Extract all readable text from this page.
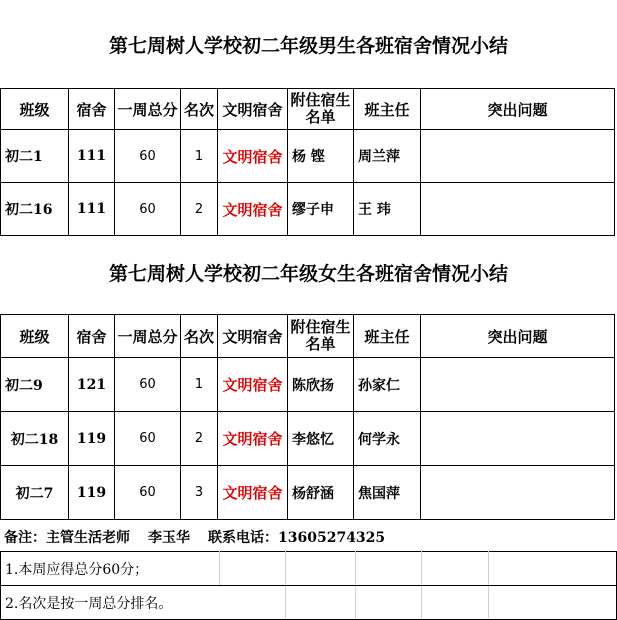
第七周树人学校初二年级男生各班宿舍情况小结
班级	宿舍	一周总分	名次	文明宿舍	附住宿生名单	班主任	突出问题
初二1	111	60	1	文明宿舍	杨 铿	周兰萍	
初二16	111	60	2	文明宿舍	缪子申	王 玮	
第七周树人学校初二年级女生各班宿舍情况小结
班级	宿舍	一周总分	名次	文明宿舍	附住宿生名单	班主任	突出问题
初二9	121	60	1	文明宿舍	陈欣扬	孙家仁	
初二18	119	60	2	文明宿舍	李悠忆	何学永	
初二7	119	60	3	文明宿舍	杨舒涵	焦国萍	
备注：主管生活老师 李玉华 联系电话：13605274325
1.本周应得总分60分；					
2.名次是按一周总分排名。					
